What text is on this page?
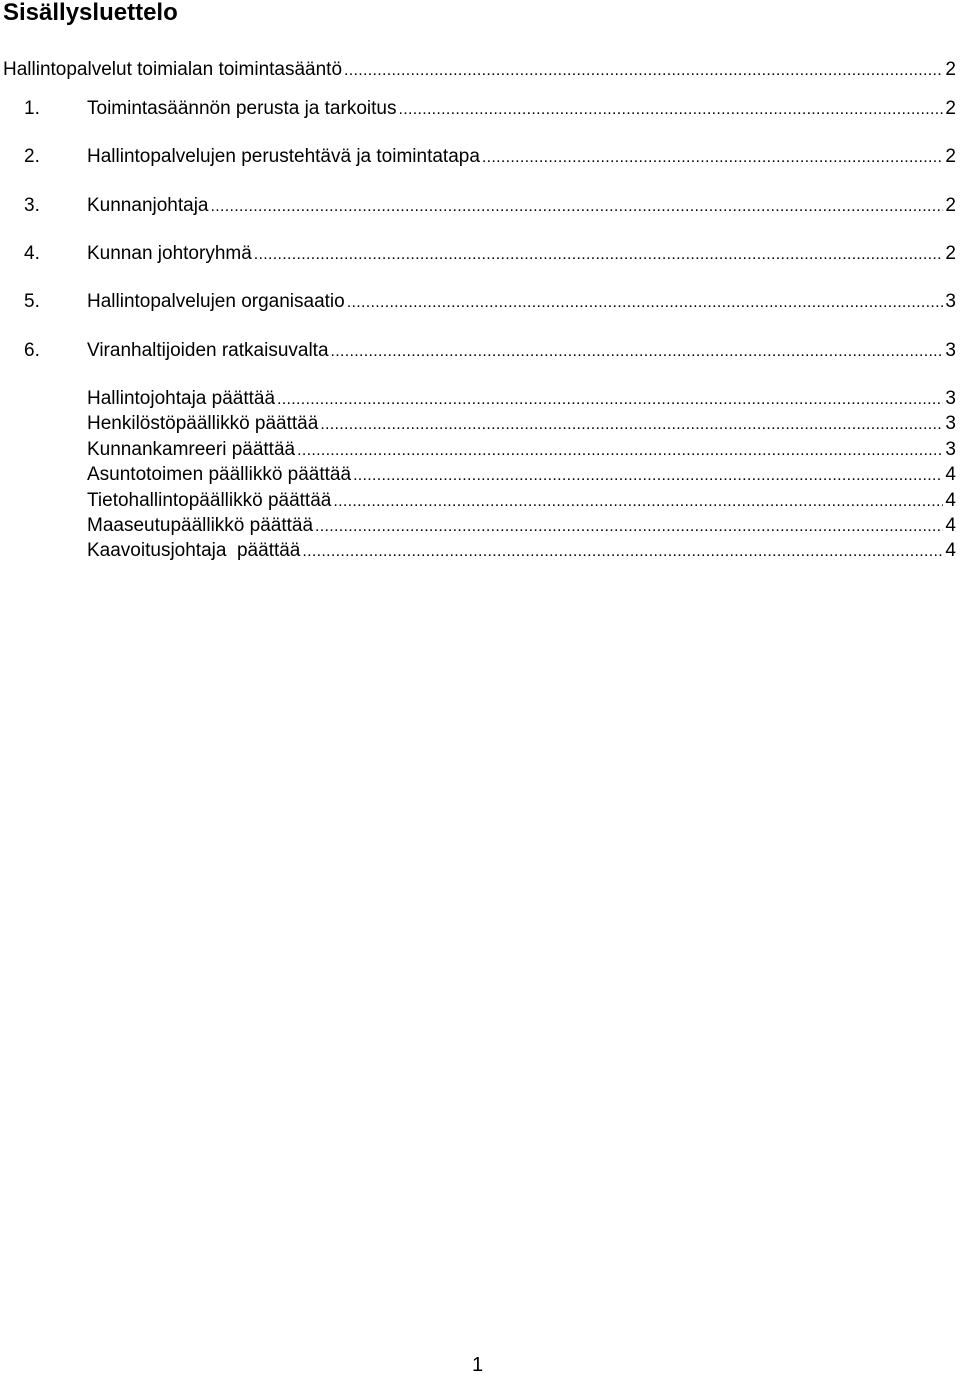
Sisällysluettelo
Hallintopalvelut toimialan toimintasääntö .....	2
1.	Toimintasäännön perusta ja tarkoitus .....	2
2.	Hallintopalvelujen perustehtävä ja toimintatapa .....	2
3.	Kunnanjohtaja .....	2
4.	Kunnan johtoryhmä .....	2
5.	Hallintopalvelujen organisaatio .....	3
6.	Viranhaltijoiden ratkaisuvalta .....	3
Hallintojohtaja päättää .....	3
Henkilöstöpäällikkö päättää .....	3
Kunnankamreeri päättää .....	3
Asuntotoimen päällikkö päättää .....	4
Tietohallintopäällikkö päättää .....	4
Maaseutupäällikkö päättää .....	4
Kaavoitusjohtaja  päättää .....	4
1
